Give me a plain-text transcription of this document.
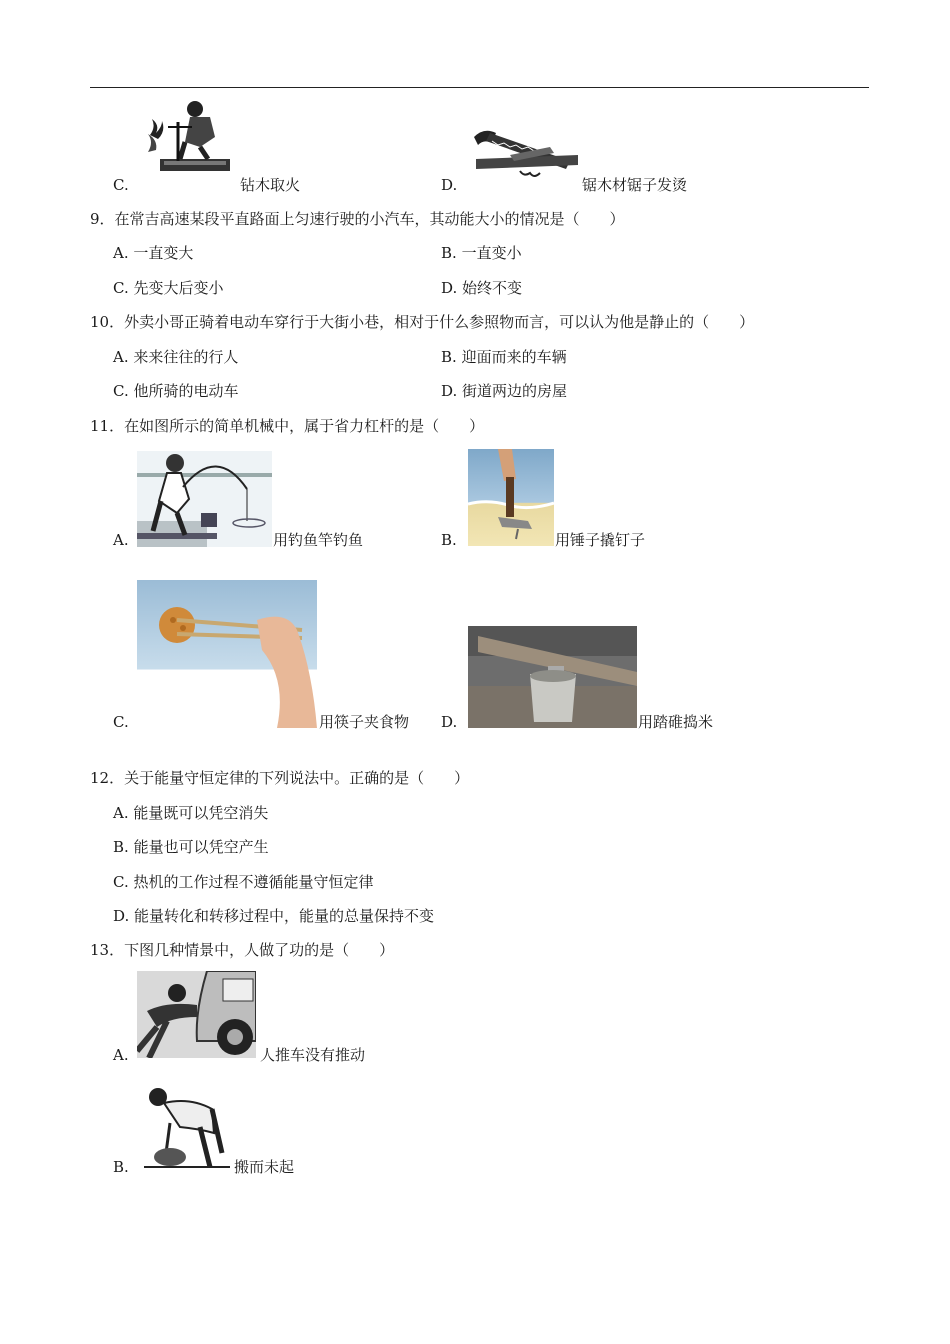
C.	钻木取火	D.	锯木材锯子发烫
9．在常吉高速某段平直路面上匀速行驶的小汽车，其动能大小的情况是（　　）
A. 一直变大	B. 一直变小
C. 先变大后变小	D. 始终不变
10．外卖小哥正骑着电动车穿行于大街小巷，相对于什么参照物而言，可以认为他是静止的（　　）
A. 来来往往的行人	B. 迎面而来的车辆
C. 他所骑的电动车	D. 街道两边的房屋
11．在如图所示的简单机械中，属于省力杠杆的是（　　）
A.	用钓鱼竿钓鱼	B.	用锤子撬钉子
C.	用筷子夹食物 D.	用踏碓捣米
12．关于能量守恒定律的下列说法中。正确的是（　　）
A. 能量既可以凭空消失
B. 能量也可以凭空产生
C. 热机的工作过程不遵循能量守恒定律
D. 能量转化和转移过程中，能量的总量保持不变
13．下图几种情景中，人做了功的是（　　）
A.	人推车没有推动
B.	搬而未起
